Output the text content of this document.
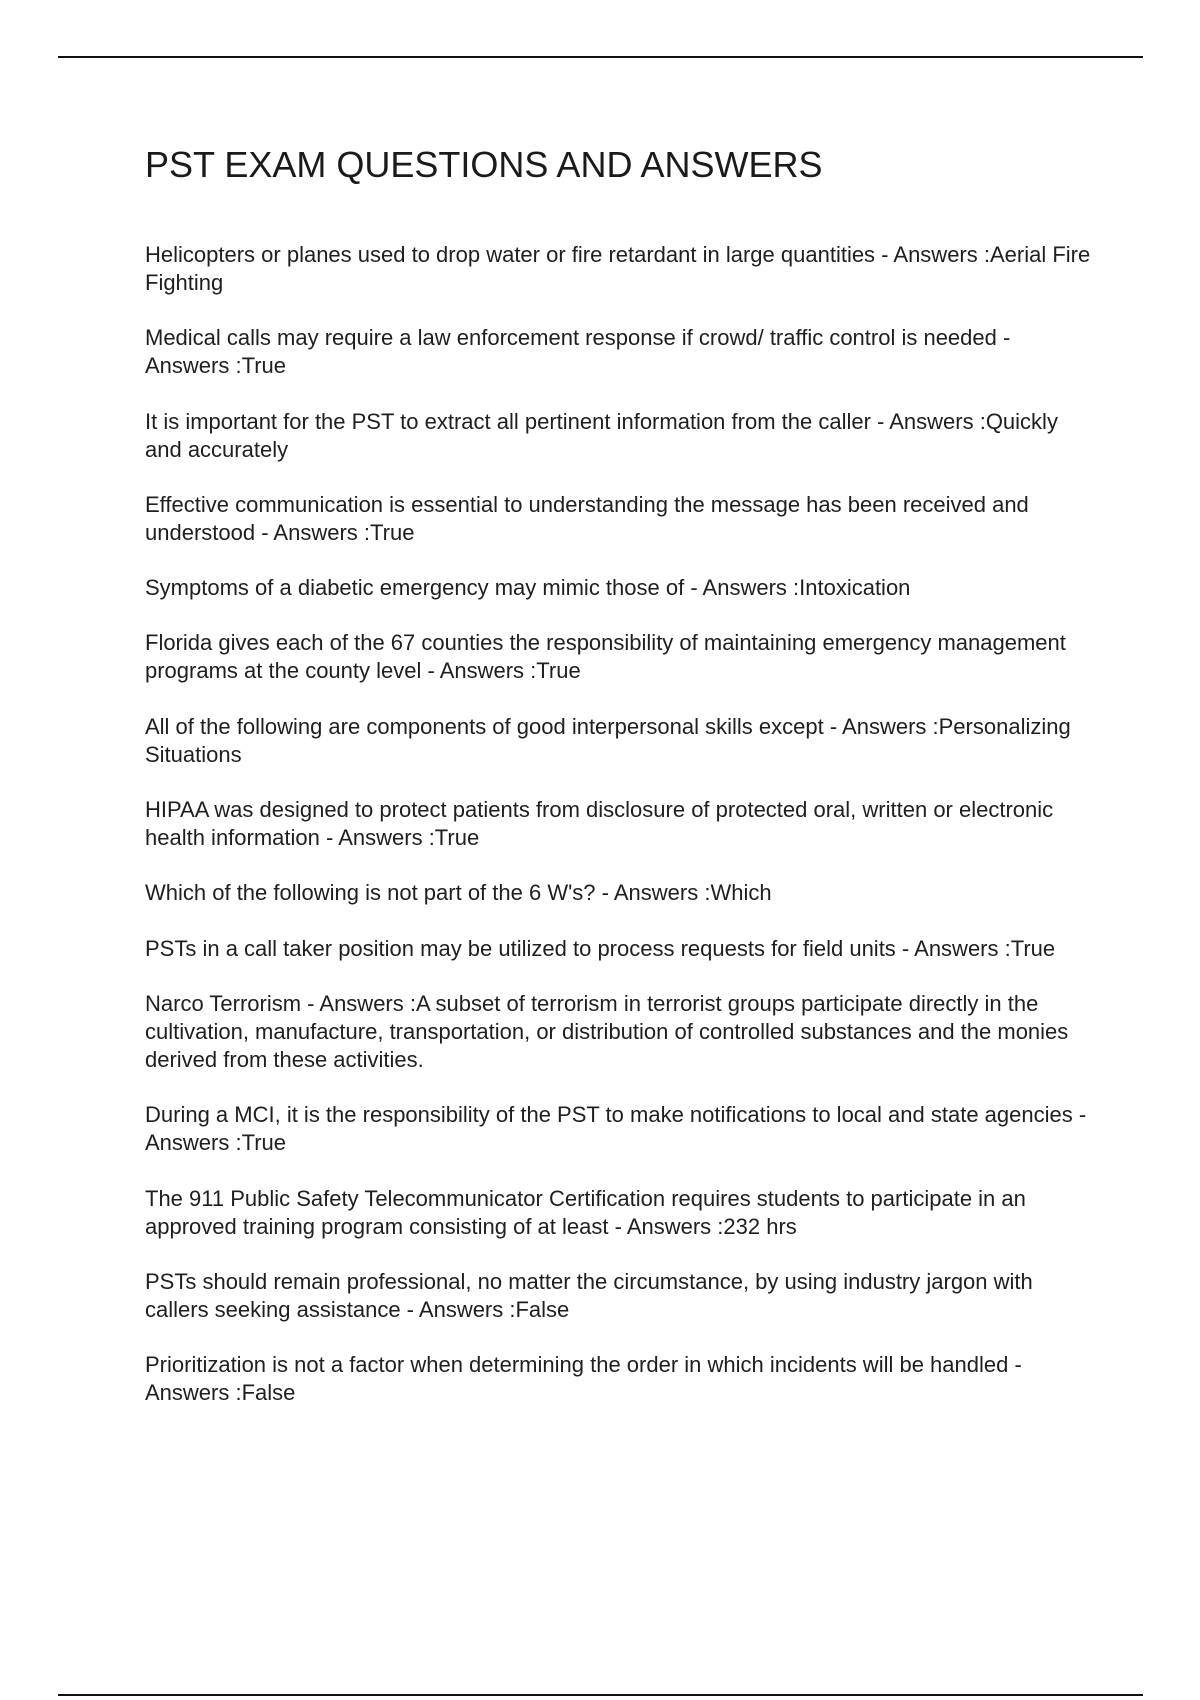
PST EXAM QUESTIONS AND ANSWERS
Helicopters or planes used to drop water or fire retardant in large quantities - Answers :Aerial Fire Fighting
Medical calls may require a law enforcement response if crowd/ traffic control is needed - Answers :True
It is important for the PST to extract all pertinent information from the caller - Answers :Quickly and accurately
Effective communication is essential to understanding the message has been received and understood - Answers :True
Symptoms of a diabetic emergency may mimic those of - Answers :Intoxication
Florida gives each of the 67 counties the responsibility of maintaining emergency management programs at the county level - Answers :True
All of the following are components of good interpersonal skills except - Answers :Personalizing Situations
HIPAA was designed to protect patients from disclosure of protected oral, written or electronic health information - Answers :True
Which of the following is not part of the 6 W's? - Answers :Which
PSTs in a call taker position may be utilized to process requests for field units - Answers :True
Narco Terrorism - Answers :A subset of terrorism in terrorist groups participate directly in the cultivation, manufacture, transportation, or distribution of controlled substances and the monies derived from these activities.
During a MCI, it is the responsibility of the PST to make notifications to local and state agencies - Answers :True
The 911 Public Safety Telecommunicator Certification requires students to participate in an approved training program consisting of at least - Answers :232 hrs
PSTs should remain professional, no matter the circumstance, by using industry jargon with callers seeking assistance - Answers :False
Prioritization is not a factor when determining the order in which incidents will be handled - Answers :False
